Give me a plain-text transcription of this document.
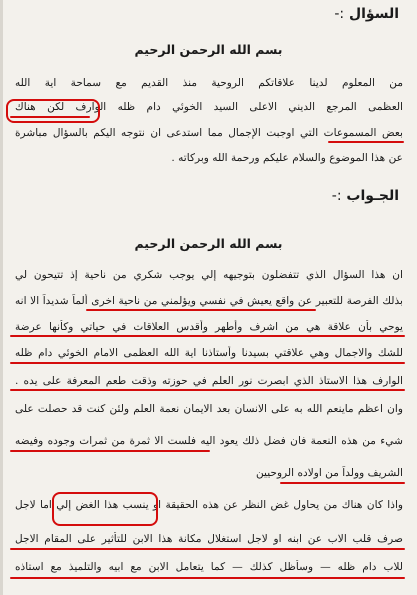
السؤال :-
بسم الله الرحمن الرحيم
من المعلوم لدينا علاقاتكم الروحية منذ القديم مع سماحة اية الله
العظمى المرجع الديني الاعلى السيد الخوئي دام ظله الوارف لكن هناك
بعض المسموعات التي اوجبت الإجمال مما استدعى ان نتوجه اليكم بالسؤال مباشرة
عن هذا الموضوع والسلام عليكم ورحمة الله وبركاته .
الجـواب :-
بسم الله الرحمن الرحيم
ان هذا السؤال الذي تتفضلون بتوجيهه إلي يوجب شكري من ناحية إذ تتيحون لي
بذلك الفرصة للتعبير عن واقع يعيش في نفسي ويؤلمني من ناحية اخرى ألماً شديداً الا انه
يوحي بأن علاقة هي من اشرف وأطهر وأقدس العلاقات في حياتي وكأنها عرضة
للشك والاجمال وهي علاقتي بسيدنا وأستاذنا اية الله العظمى الامام الخوئي دام ظله
الوارف هذا الاستاذ الذي ابصرت نور العلم في حوزته وذقت طعم المعرفة على يده .
وان اعظم ماينعم الله به على الانسان بعد الايمان نعمة العلم ولئن كنت قد حصلت على
شيء من هذه النعمة فان فضل ذلك يعود اليه فلست الا ثمرة من ثمرات وجوده وفيضه
الشريف وولداً من اولاده الروحيين
واذا كان هناك من يحاول غض النظر عن هذه الحقيقة او ينسب هذا الغض إلي اما لاجل
صرف قلب الاب عن ابنه او لاجل استغلال مكانة هذا الابن للتأثير على المقام الاجل
للاب دام ظله — وسأظل كذلك — كما يتعامل الابن مع ابيه والتلميذ مع استاذه
